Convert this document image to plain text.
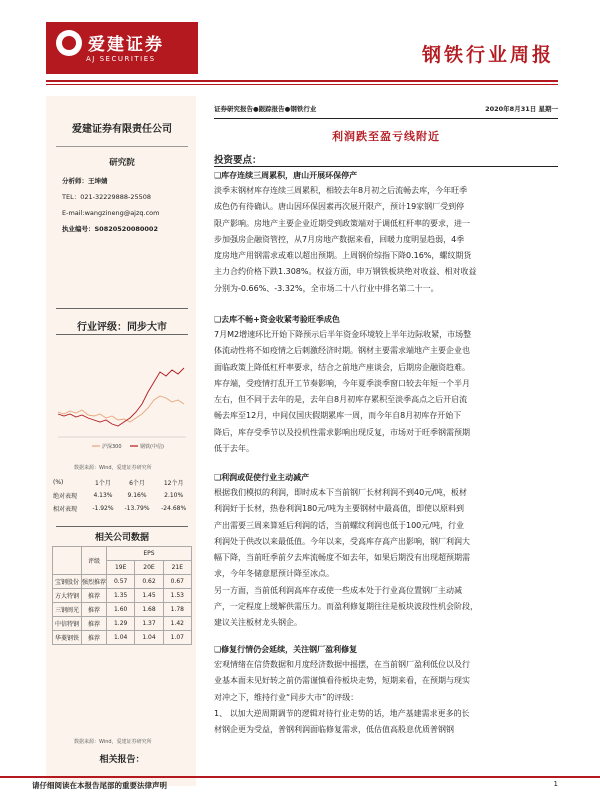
爱建证券
AJ SECURITIES	钢铁行业周报
爱建证券有限责任公司
研究院
分析师：王坤婧
TEL：021-32229888-25508
E-mail:wangzineng@ajzq.com
执业编号：S0820520080002
行业评级：同步大市
沪深300	钢铁(中信)
数据来源：Wind，爱建证券研究所
(%)	1个月	6个月	12个月
绝对表现	4.13%	9.16%	2.10%
相对表现	-1.92%	-13.79%	-24.68%
相关公司数据
	评级	EPS		
		19E	20E	21E
宝钢股份	强烈推荐	0.57	0.62	0.67
方大特钢	推荐	1.35	1.45	1.53
三钢闽光	推荐	1.60	1.68	1.78
中信特钢	推荐	1.29	1.37	1.42
华菱钢铁	推荐	1.04	1.04	1.07
数据来源：Wind，爱建证券研究所
相关报告：
证券研究报告●跟踪报告●钢铁行业	2020年8月31日 星期一
利润跌至盈亏线附近
投资要点：
❑库存连续三周累积，唐山开展环保停产
淡季末钢材库存连续三周累积，相较去年8月初之后流畅去库，今年旺季
成色仍有待确认。唐山因环保因素再次展开限产，预计19家钢厂受到停
限产影响。房地产主要企业近期受到政策端对于调低杠杆率的要求，进一
步加强房企融资管控，从7月房地产数据来看，回暖力度明显趋弱，4季
度房地产用钢需求或难以超出预期。上周钢价综指下降0.16%，螺纹期货
主力合约价格下跌1.308%。权益方面，申万钢铁板块绝对收益、相对收益
分别为-0.66%、-3.32%，全市场二十八行业中排名第二十一。
❑去库不畅+资金收紧考验旺季成色
7月M2增速环比开始下降预示后半年资金环境较上半年边际收紧，市场整
体流动性将不如疫情之后刺激经济时期。钢材主要需求端地产主要企业也
面临政策上降低杠杆率要求，结合之前地产座谈会，后期房企融资趋难。
库存端，受疫情打乱开工节奏影响，今年夏季淡季窗口较去年短一个半月
左右，但不同于去年的是，去年自8月初库存累积至淡季高点之后开启流
畅去库至12月，中间仅国庆假期累库一周，而今年自8月初库存开始下
降后，库存受季节以及投机性需求影响出现反复，市场对于旺季钢需预期
低于去年。
❑利润或促使行业主动减产
根据我们模拟的利润，即时成本下当前钢厂长材利润不到40元/吨，板材
利润好于长材，热卷利润180元/吨为主要钢材中最高值，即使以原料到
产出需要三周来算延后利润的话，当前螺纹利润也低于100元/吨，行业
利润处于供改以来最低值。今年以来，受高库存高产出影响，钢厂利润大
幅下降，当前旺季前夕去库流畅度不如去年，如果后期没有出现超预期需
求，今年冬储意愿预计降至冰点。
另一方面，当前低利润高库存或使一些成本处于行业高位置钢厂主动减
产，一定程度上缓解供需压力。而盈利修复期往往是板块波段性机会阶段，
建议关注板材龙头钢企。
❑修复行情仍会延续，关注钢厂盈利修复
宏观情绪在信贷数据和月度经济数据中摇摆，在当前钢厂盈利低位以及行
业基本面未见好转之前仍需谨慎看待板块走势，短期来看，在预期与现实
对冲之下，维持行业“同步大市”的评级：
1、 以加大逆周期调节的逻辑对待行业走势的话，地产基建需求更多的长
材钢企更为受益，普钢利润面临修复需求，低估值高股息优质普钢钢
请仔细阅读在本报告尾部的重要法律声明	1
